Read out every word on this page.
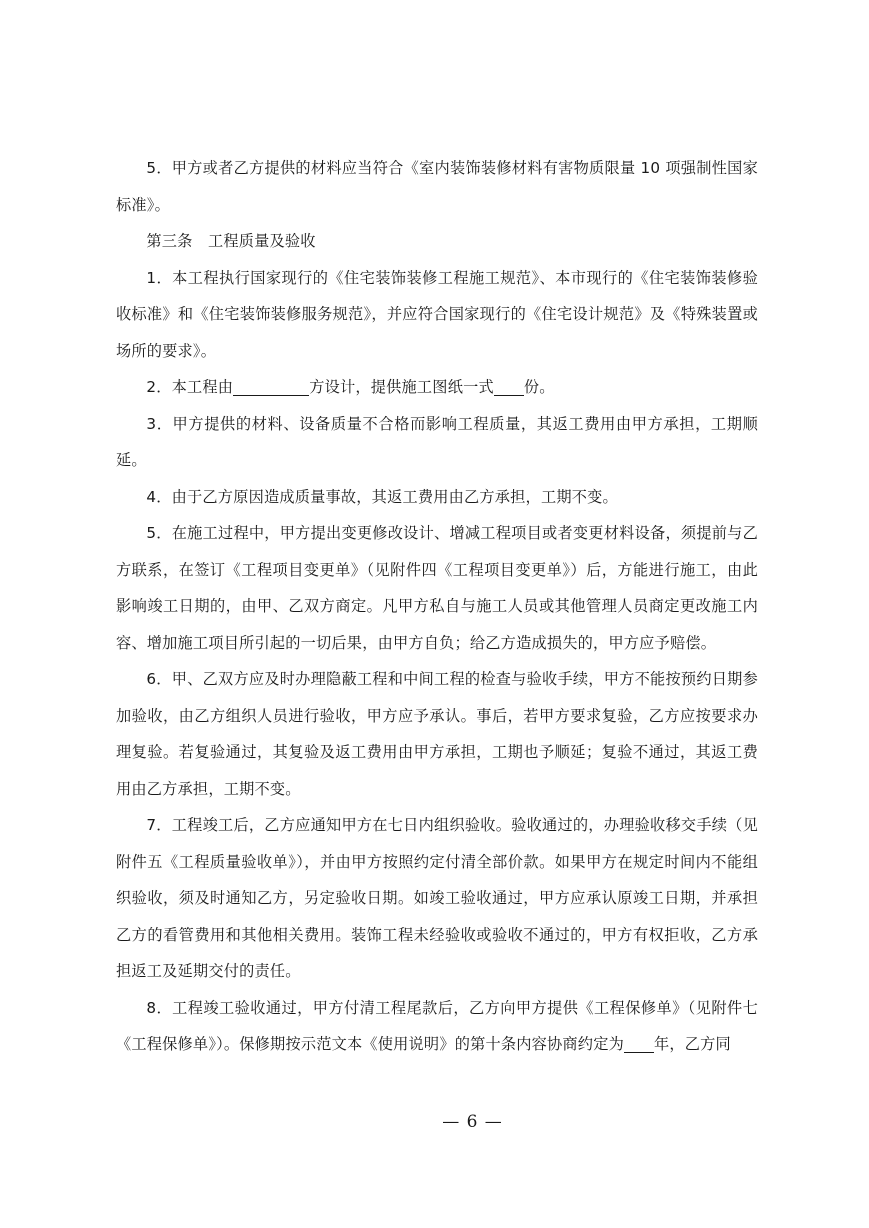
5．甲方或者乙方提供的材料应当符合《室内装饰装修材料有害物质限量 10 项强制性国家标准》。

第三条　工程质量及验收

1．本工程执行国家现行的《住宅装饰装修工程施工规范》、本市现行的《住宅装饰装修验收标准》和《住宅装饰装修服务规范》，并应符合国家现行的《住宅设计规范》及《特殊装置或场所的要求》。

2．本工程由	方设计，提供施工图纸一式 份。

3．甲方提供的材料、设备质量不合格而影响工程质量，其返工费用由甲方承担，工期顺延。

4．由于乙方原因造成质量事故，其返工费用由乙方承担，工期不变。

5．在施工过程中，甲方提出变更修改设计、增减工程项目或者变更材料设备，须提前与乙方联系，在签订《工程项目变更单》（见附件四《工程项目变更单》）后，方能进行施工，由此影响竣工日期的，由甲、乙双方商定。凡甲方私自与施工人员或其他管理人员商定更改施工内容、增加施工项目所引起的一切后果，由甲方自负；给乙方造成损失的，甲方应予赔偿。

6．甲、乙双方应及时办理隐蔽工程和中间工程的检查与验收手续，甲方不能按预约日期参加验收，由乙方组织人员进行验收，甲方应予承认。事后，若甲方要求复验，乙方应按要求办理复验。若复验通过，其复验及返工费用由甲方承担，工期也予顺延；复验不通过，其返工费用由乙方承担，工期不变。

7．工程竣工后，乙方应通知甲方在七日内组织验收。验收通过的，办理验收移交手续（见附件五《工程质量验收单》），并由甲方按照约定付清全部价款。如果甲方在规定时间内不能组织验收，须及时通知乙方，另定验收日期。如竣工验收通过，甲方应承认原竣工日期，并承担乙方的看管费用和其他相关费用。装饰工程未经验收或验收不通过的，甲方有权拒收，乙方承担返工及延期交付的责任。

8．工程竣工验收通过，甲方付清工程尾款后，乙方向甲方提供《工程保修单》（见附件七《工程保修单》）。保修期按示范文本《使用说明》的第十条内容协商约定为 年，乙方同

— 6 —
